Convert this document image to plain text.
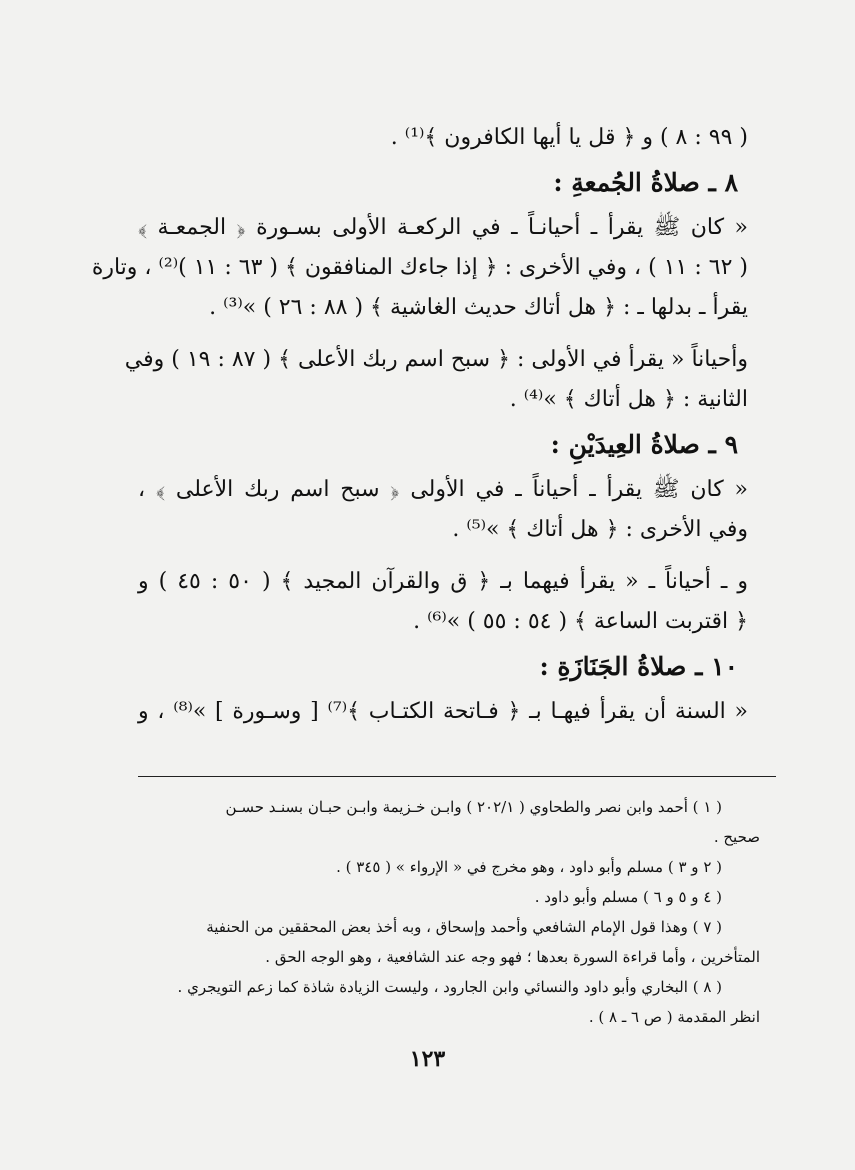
( ٩٩ : ٨ ) و ﴿ قل يا أيها الكافرون ﴾⁽¹⁾ .
٨ ـ صلاةُ الجُمعةِ :
« كان ﷺ يقرأ ـ أحيانـاً ـ في الركعـة الأولى بسـورة ﴿ الجمعـة ﴾
( ٦٢ : ١١ ) ، وفي الأخرى : ﴿ إذا جاءك المنافقون ﴾ ( ٦٣ : ١١ )⁽²⁾ ، وتارة
يقرأ ـ بدلها ـ : ﴿ هل أتاك حديث الغاشية ﴾ ( ٨٨ : ٢٦ ) »⁽³⁾ .
وأحياناً « يقرأ في الأولى : ﴿ سبح اسم ربك الأعلى ﴾ ( ٨٧ : ١٩ ) وفي
الثانية : ﴿ هل أتاك ﴾ »⁽⁴⁾ .
٩ ـ صلاةُ العِيدَيْنِ :
« كان ﷺ يقرأ ـ أحياناً ـ في الأولى ﴿ سبح اسم ربك الأعلى ﴾ ،
وفي الأخرى : ﴿ هل أتاك ﴾ »⁽⁵⁾ .
و ـ أحياناً ـ « يقرأ فيهما بـ ﴿ ق والقرآن المجيد ﴾ ( ٥٠ : ٤٥ ) و
﴿ اقتربت الساعة ﴾ ( ٥٤ : ٥٥ ) »⁽⁶⁾ .
١٠ ـ صلاةُ الجَنَازَةِ :
« السنة أن يقرأ فيهـا بـ ﴿ فـاتحة الكتـاب ﴾⁽⁷⁾ [ وسـورة ] »⁽⁸⁾ ، و
( ١ ) أحمد وابن نصر والطحاوي ( ٢٠٢/١ ) وابـن خـزيمة وابـن حبـان بسنـد حسـن
صحيح .
( ٢ و ٣ ) مسلم وأبو داود ، وهو مخرج في « الإرواء » ( ٣٤٥ ) .
( ٤ و ٥ و ٦ ) مسلم وأبو داود .
( ٧ ) وهذا قول الإمام الشافعي وأحمد وإسحاق ، وبه أخذ بعض المحققين من الحنفية
المتأخرين ، وأما قراءة السورة بعدها ؛ فهو وجه عند الشافعية ، وهو الوجه الحق .
( ٨ ) البخاري وأبو داود والنسائي وابن الجارود ، وليست الزيادة شاذة كما زعم التويجري .
انظر المقدمة ( ص ٦ ـ ٨ ) .
١٢٣
